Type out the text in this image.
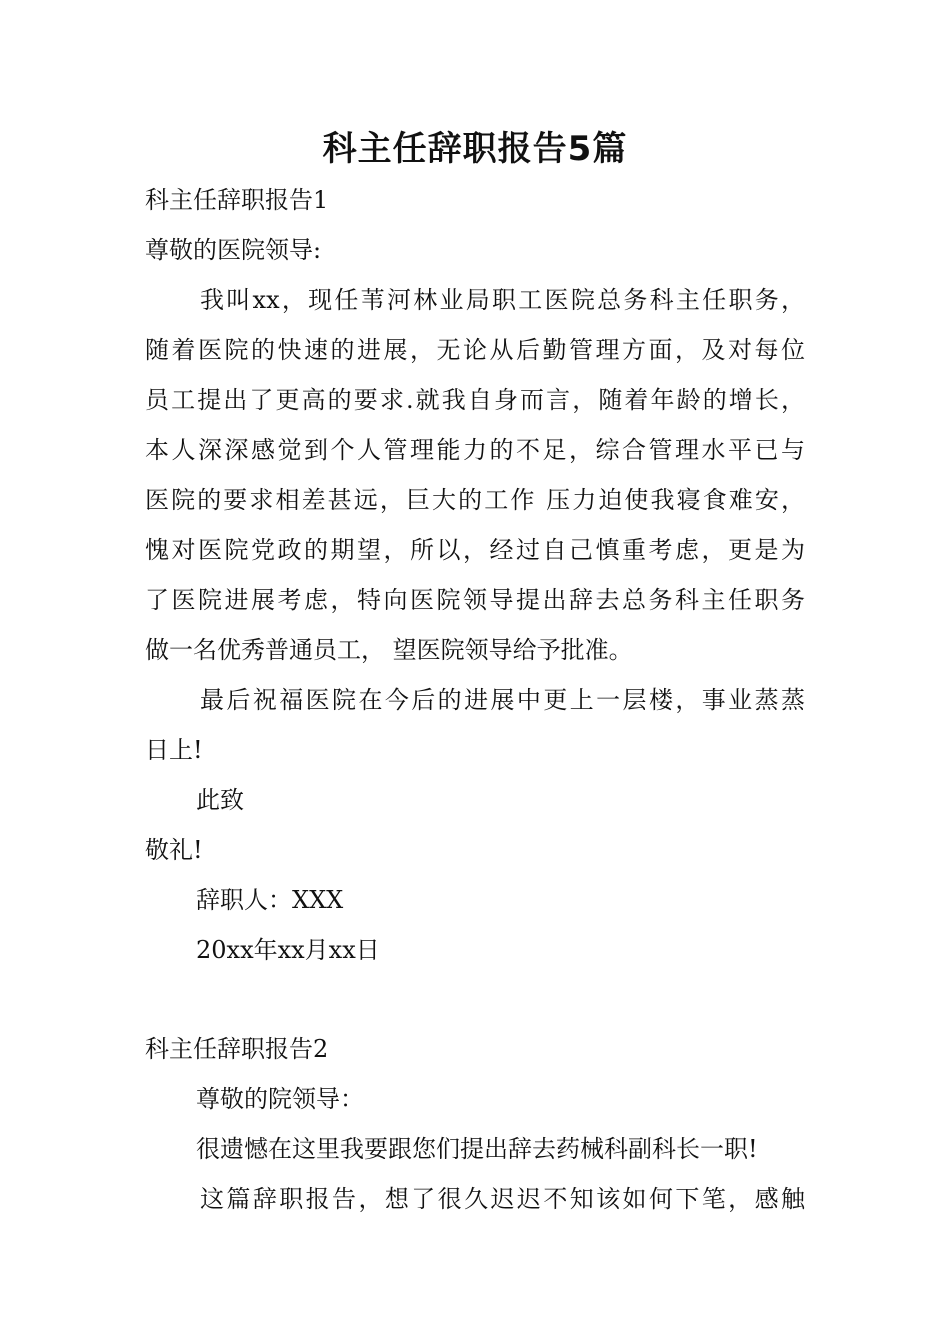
科主任辞职报告5篇
科主任辞职报告1
尊敬的医院领导:
我叫xx，现任苇河林业局职工医院总务科主任职务，
随着医院的快速的进展，无论从后勤管理方面，及对每位
员工提出了更高的要求.就我自身而言，随着年龄的增长，
本人深深感觉到个人管理能力的不足，综合管理水平已与
医院的要求相差甚远，巨大的工作 压力迫使我寝食难安，
愧对医院党政的期望，所以，经过自己慎重考虑，更是为
了医院进展考虑，特向医院领导提出辞去总务科主任职务
做一名优秀普通员工， 望医院领导给予批准。
最后祝福医院在今后的进展中更上一层楼，事业蒸蒸
日上!
此致
敬礼!
辞职人：XXX
20xx年xx月xx日
科主任辞职报告2
尊敬的院领导：
很遗憾在这里我要跟您们提出辞去药械科副科长一职!
这篇辞职报告，想了很久迟迟不知该如何下笔，感触
